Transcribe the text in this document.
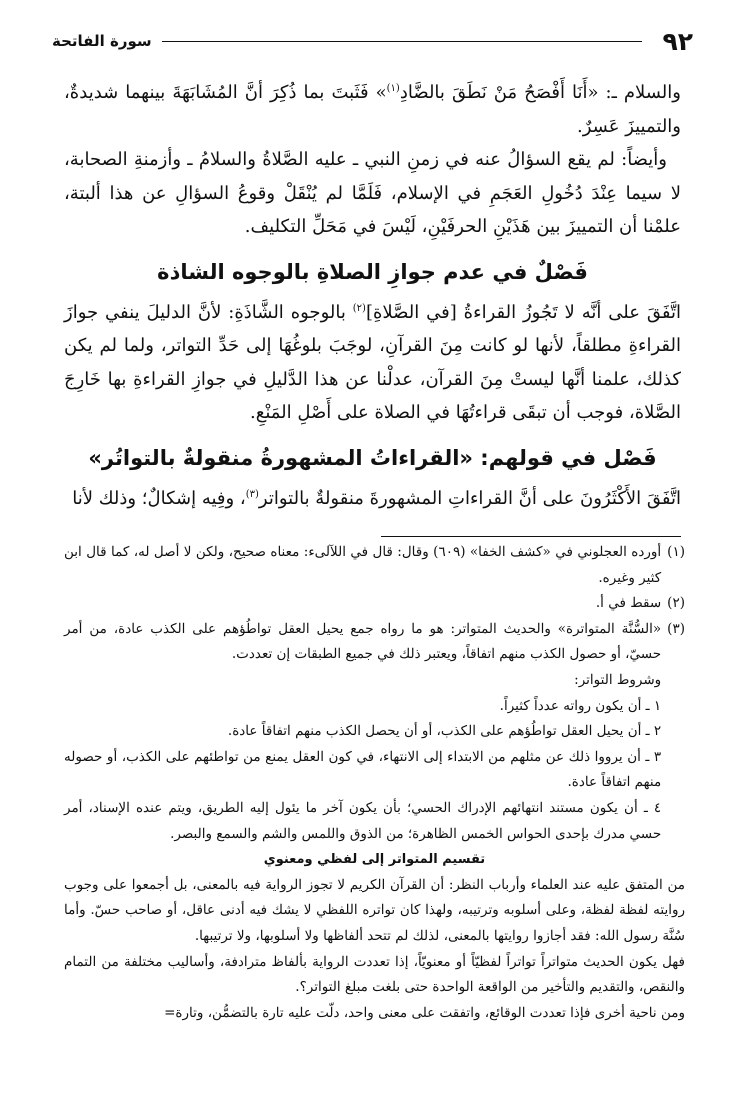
٩٢
سورة الفاتحة

والسلام ـ: «أَنَا أَفْصَحُ مَنْ نَطَقَ بالضَّادِ$^{(١)}$» فَثَبتَ بما ذُكِرَ أنَّ المُشَابَهَةَ بينهما شديدةٌ، والتمييزَ عَسِرٌ.

وأيضاً: لم يقع السؤالُ عنه في زمنِ النبي ـ عليه الصَّلاةُ والسلامُ ـ وأزمنةِ الصحابة، لا سيما عِنْدَ دُخُولِ العَجَمِ في الإسلام، فَلَمَّا لم يُنْقَلْ وقوعُ السؤالِ عن هذا ألبتة، علمْنا أن التمييزَ بين هَذَيْنِ الحرفَيْنِ، لَيْسَ في مَحَلِّ التكليف.

فَصْلٌ في عدم جوازِ الصلاةِ بالوجوه الشاذة

اتَّفَقَ على أنَّه لا تَجُوزُ القراءةُ [في الصَّلاةِ]$^{(٢)}$ بالوجوه الشَّاذَةِ: لأنَّ الدليلَ ينفي جوازَ القراءةِ مطلقاً، لأنها لو كانت مِنَ القرآنِ، لوجَبَ بلوغُهَا إلى حَدِّ التواتر، ولما لم يكن كذلك، علمنا أنَّها ليستْ مِنَ القرآن، عدلْنا عن هذا الدَّليلِ في جوازِ القراءةِ بها خَارِجَ الصَّلاة، فوجب أن تبقَى قراءتُهَا في الصلاة على أَصْلِ المَنْعِ.

فَصْل في قولهم: «القراءاتُ المشهورةُ منقولةٌ بالتواتُر»

اتَّفَقَ الأَكْثَرُونَ على أنَّ القراءاتِ المشهورةَ منقولةٌ بالتواتر$^{(٣)}$، وفِيه إشكالٌ؛ وذلك لأنا

(١)
أورده العجلوني في «كشف الخفا» (٦٠٩) وقال: قال في اللآلىء: معناه صحيح، ولكن لا أصل له، كما قال ابن كثير وغيره.
(٢)
سقط في أ.
(٣)

«السُّنَّة المتواترة» والحديث المتواتر: هو ما رواه جمع يحيل العقل تواطُؤهم على الكذب عادة، من أمر حسيّ، أو حصول الكذب منهم اتفاقاً، ويعتبر ذلك في جميع الطبقات إن تعددت.

وشروط التواتر:

١ ـ أن يكون رواته عدداً كثيراً.

٢ ـ أن يحيل العقل تواطُؤهم على الكذب، أو أن يحصل الكذب منهم اتفاقاً عادة.

٣ ـ أن يرووا ذلك عن مثلهم من الابتداء إلى الانتهاء، في كون العقل يمنع من تواطئهم على الكذب، أو حصوله منهم اتفاقاً عادة.

٤ ـ أن يكون مستند انتهائهم الإدراك الحسي؛ بأن يكون آخر ما يئول إليه الطريق، ويتم عنده الإسناد، أمر حسي مدرك بإحدى الحواس الخمس الظاهرة؛ من الذوق واللمس والشم والسمع والبصر.

تقسيم المتواتر إلى لفظي ومعنوي

من المتفق عليه عند العلماء وأرباب النظر: أن القرآن الكريم لا تجوز الرواية فيه بالمعنى، بل أجمعوا على وجوب روايته لفظة لفظة، وعلى أسلوبه وترتيبه، ولهذا كان تواتره اللفظي لا يشك فيه أدنى عاقل، أو صاحب حسّ. وأما سُنَّة رسول الله: فقد أجازوا روايتها بالمعنى، لذلك لم تتحد ألفاظها ولا أسلوبها، ولا ترتيبها.

فهل يكون الحديث متواتراً تواتراً لفظيّاً أو معنويّاً، إذا تعددت الرواية بألفاظ مترادفة، وأساليب مختلفة من التمام والنقص، والتقديم والتأخير من الواقعة الواحدة حتى بلغت مبلغ التواتر؟.

ومن ناحية أخرى فإذا تعددت الوقائع، واتفقت على معنى واحد، دلّت عليه تارة بالتضمُّن، وتارة=
